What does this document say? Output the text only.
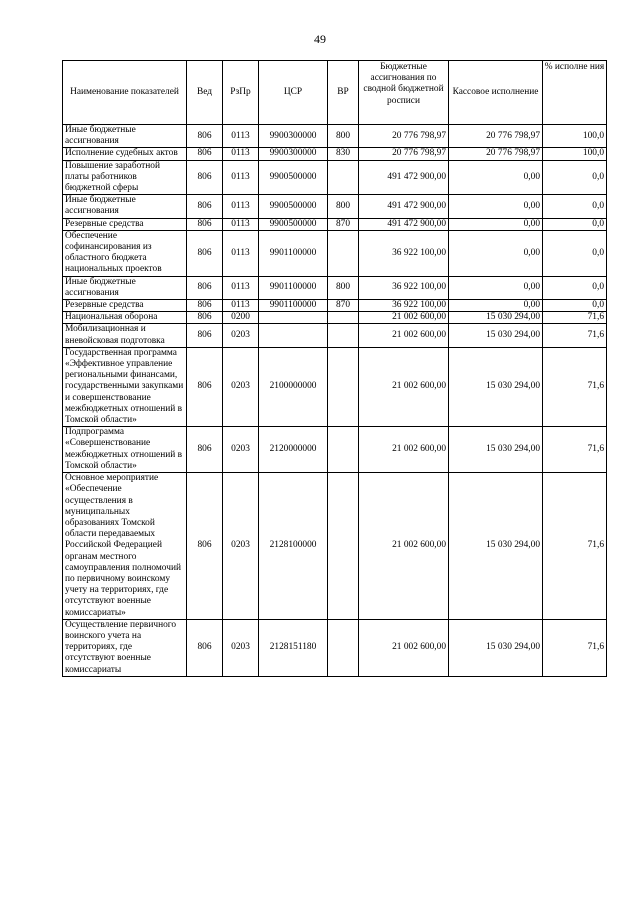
49
Наименование показателей	Вед	РзПр	ЦСР	ВР	Бюджетные ассигнования по сводной бюджетной росписи	Кассовое исполнение	% исполне ния
Иные бюджетные ассигнования	806	0113	9900300000	800	20 776 798,97	20 776 798,97	100,0
Исполнение судебных актов	806	0113	9900300000	830	20 776 798,97	20 776 798,97	100,0
Повышение заработной платы работников бюджетной сферы	806	0113	9900500000		491 472 900,00	0,00	0,0
Иные бюджетные ассигнования	806	0113	9900500000	800	491 472 900,00	0,00	0,0
Резервные средства	806	0113	9900500000	870	491 472 900,00	0,00	0,0
Обеспечение софинансирования из областного бюджета национальных проектов	806	0113	9901100000		36 922 100,00	0,00	0,0
Иные бюджетные ассигнования	806	0113	9901100000	800	36 922 100,00	0,00	0,0
Резервные средства	806	0113	9901100000	870	36 922 100,00	0,00	0,0
Национальная оборона	806	0200			21 002 600,00	15 030 294,00	71,6
Мобилизационная и вневойсковая подготовка	806	0203			21 002 600,00	15 030 294,00	71,6
Государственная программа «Эффективное управление региональными финансами, государственными закупками и совершенствование межбюджетных отношений в Томской области»	806	0203	2100000000		21 002 600,00	15 030 294,00	71,6
Подпрограмма «Совершенствование межбюджетных отношений в Томской области»	806	0203	2120000000		21 002 600,00	15 030 294,00	71,6
Основное мероприятие «Обеспечение осуществления в муниципальных образованиях Томской области передаваемых Российской Федерацией органам местного самоуправления полномочий по первичному воинскому учету на территориях, где отсутствуют военные комиссариаты»	806	0203	2128100000		21 002 600,00	15 030 294,00	71,6
Осуществление первичного воинского учета на территориях, где отсутствуют военные комиссариаты	806	0203	2128151180		21 002 600,00	15 030 294,00	71,6
